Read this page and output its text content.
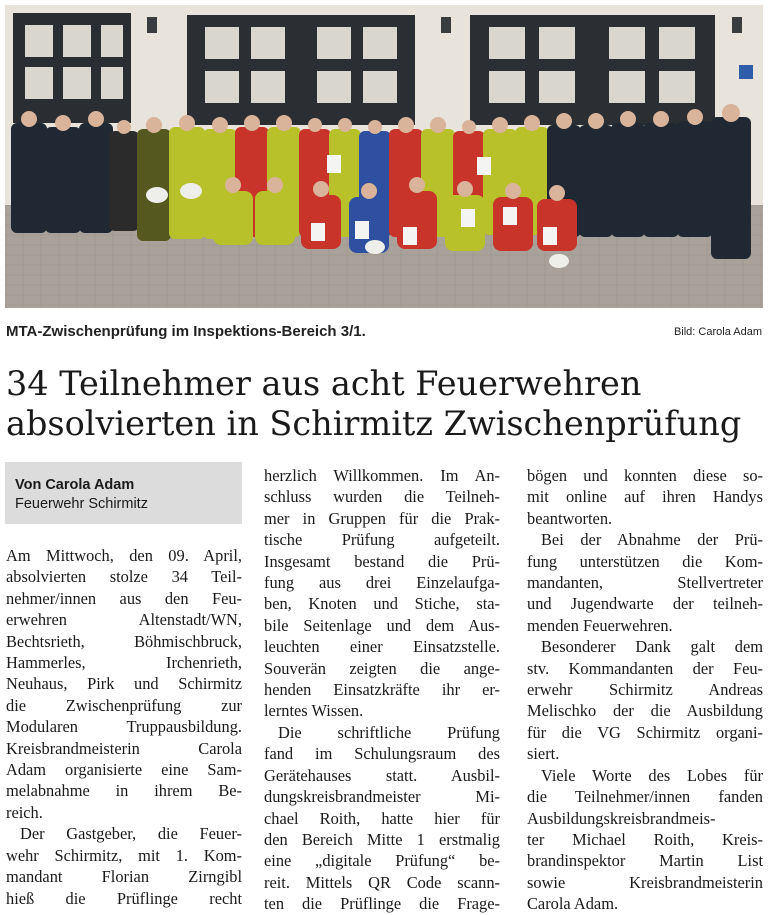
MTA-Zwischenprüfung im Inspektions-Bereich 3/1.	Bild: Carola Adam
34 Teilnehmer aus acht Feuerwehren
absolvierten in Schirmitz Zwischenprüfung
Von Carola Adam
Feuerwehr Schirmitz
Am Mittwoch, den 09. April,
absolvierten stolze 34 Teil-
nehmer/innen aus den Feu-
erwehren Altenstadt/WN,
Bechtsrieth, Böhmischbruck,
Hammerles, Irchenrieth,
Neuhaus, Pirk und Schirmitz
die Zwischenprüfung zur
Modularen Truppausbildung.
Kreisbrandmeisterin Carola
Adam organisierte eine Sam-
melabnahme in ihrem Be-
reich.
Der Gastgeber, die Feuer-
wehr Schirmitz, mit 1. Kom-
mandant Florian Zirngibl
hieß die Prüflinge recht
herzlich Willkommen. Im An-
schluss wurden die Teilneh-
mer in Gruppen für die Prak-
tische Prüfung aufgeteilt.
Insgesamt bestand die Prü-
fung aus drei Einzelaufga-
ben, Knoten und Stiche, sta-
bile Seitenlage und dem Aus-
leuchten einer Einsatzstelle.
Souverän zeigten die ange-
henden Einsatzkräfte ihr er-
lerntes Wissen.
Die schriftliche Prüfung
fand im Schulungsraum des
Gerätehauses statt. Ausbil-
dungskreisbrandmeister Mi-
chael Roith, hatte hier für
den Bereich Mitte 1 erstmalig
eine „digitale Prüfung“ be-
reit. Mittels QR Code scann-
ten die Prüflinge die Frage-
bögen und konnten diese so-
mit online auf ihren Handys
beantworten.
Bei der Abnahme der Prü-
fung unterstützen die Kom-
mandanten, Stellvertreter
und Jugendwarte der teilneh-
menden Feuerwehren.
Besonderer Dank galt dem
stv. Kommandanten der Feu-
erwehr Schirmitz Andreas
Melischko der die Ausbildung
für die VG Schirmitz organi-
siert.
Viele Worte des Lobes für
die Teilnehmer/innen fanden
Ausbildungskreisbrandmeis-
ter Michael Roith, Kreis-
brandinspektor Martin List
sowie Kreisbrandmeisterin
Carola Adam.
